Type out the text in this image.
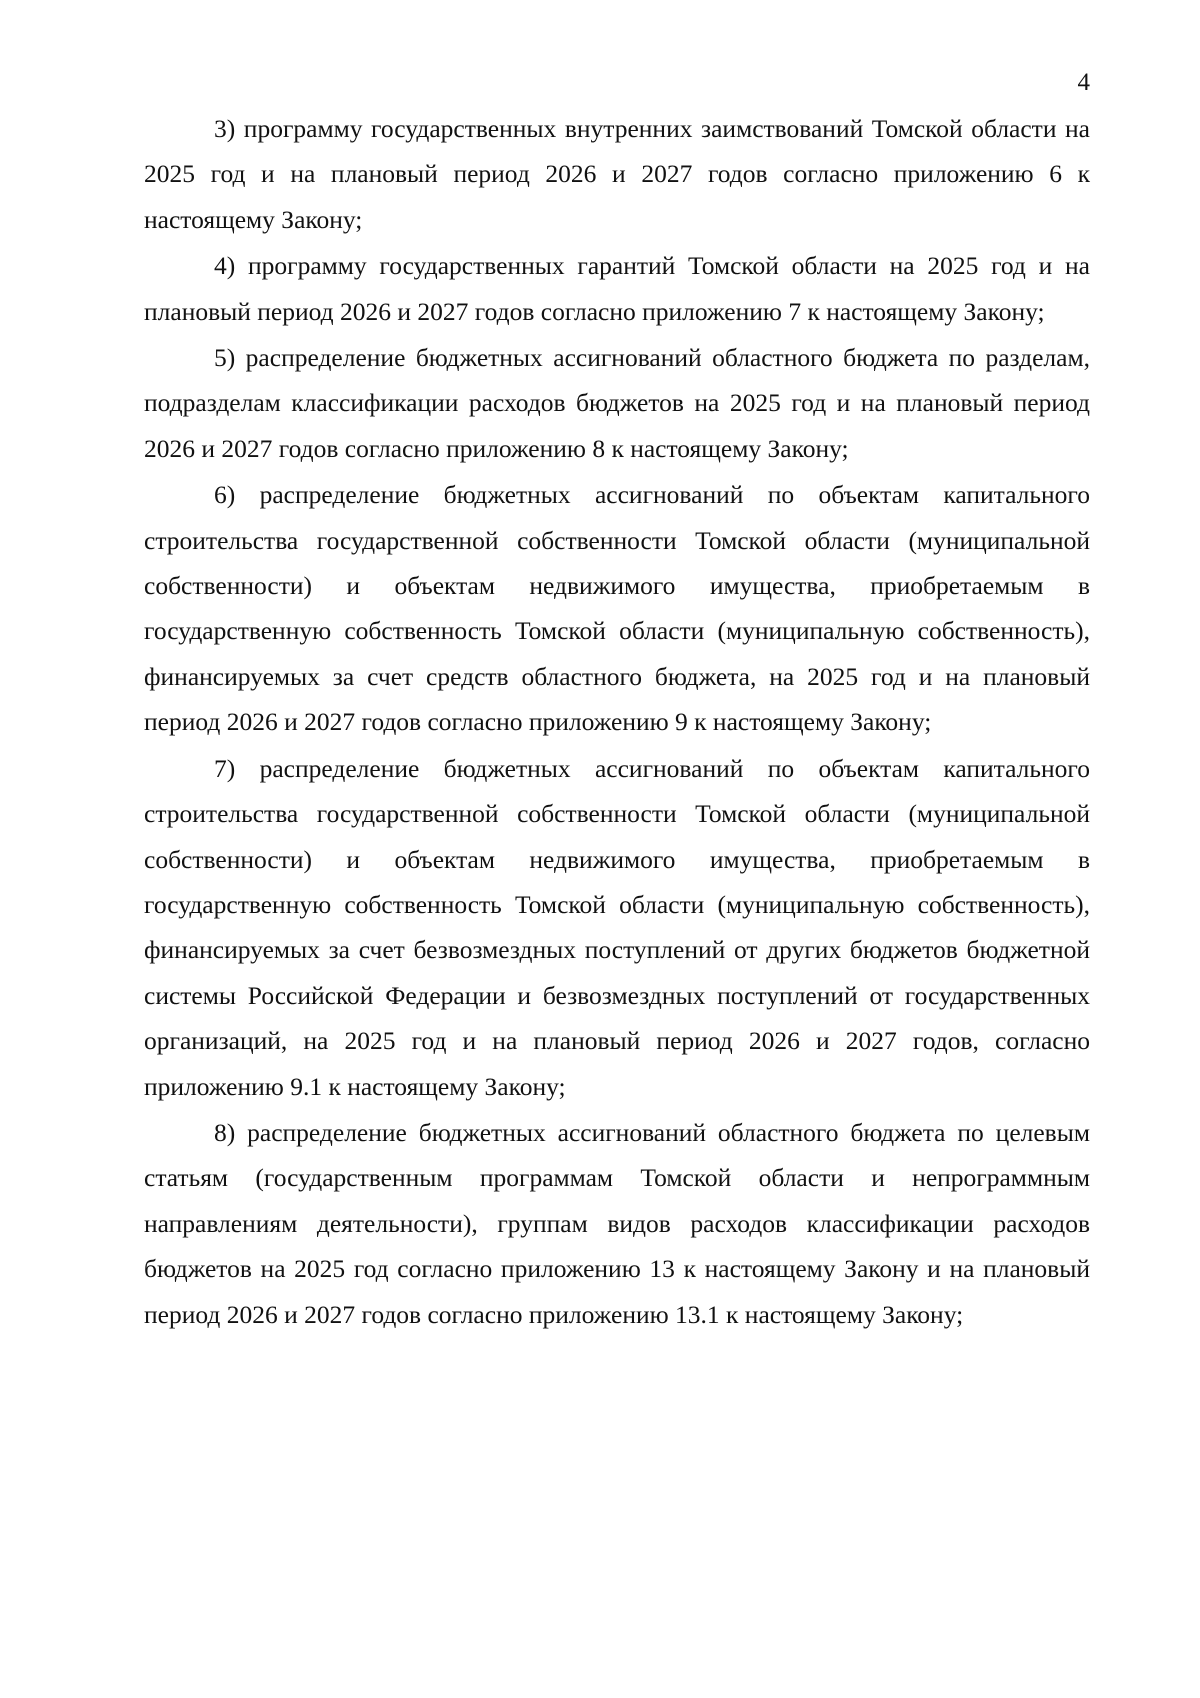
4

3) программу государственных внутренних заимствований Томской области на 2025 год и на плановый период 2026 и 2027 годов согласно приложению 6 к настоящему Закону;

4) программу государственных гарантий Томской области на 2025 год и на плановый период 2026 и 2027 годов согласно приложению 7 к настоящему Закону;

5) распределение бюджетных ассигнований областного бюджета по разделам, подразделам классификации расходов бюджетов на 2025 год и на плановый период 2026 и 2027 годов согласно приложению 8 к настоящему Закону;

6) распределение бюджетных ассигнований по объектам капитального строительства государственной собственности Томской области (муниципальной собственности) и объектам недвижимого имущества, приобретаемым в государственную собственность Томской области (муниципальную собственность), финансируемых за счет средств областного бюджета, на 2025 год и на плановый период 2026 и 2027 годов согласно приложению 9 к настоящему Закону;

7) распределение бюджетных ассигнований по объектам капитального строительства государственной собственности Томской области (муниципальной собственности) и объектам недвижимого имущества, приобретаемым в государственную собственность Томской области (муниципальную собственность), финансируемых за счет безвозмездных поступлений от других бюджетов бюджетной системы Российской Федерации и безвозмездных поступлений от государственных организаций, на 2025 год и на плановый период 2026 и 2027 годов, согласно приложению 9.1 к настоящему Закону;

8) распределение бюджетных ассигнований областного бюджета по целевым статьям (государственным программам Томской области и непрограммным направлениям деятельности), группам видов расходов классификации расходов бюджетов на 2025 год согласно приложению 13 к настоящему Закону и на плановый период 2026 и 2027 годов согласно приложению 13.1 к настоящему Закону;
